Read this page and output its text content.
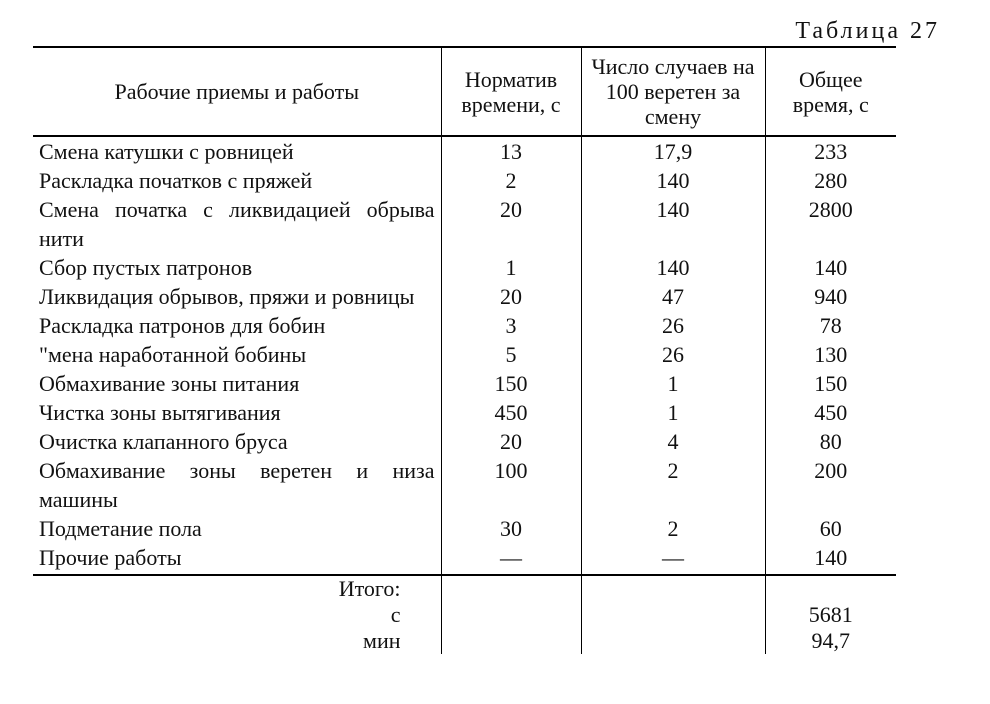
Таблица 27
Рабочие приемы и работы	Норматив времени, с	Число случаев на 100 веретен за смену	Общее время, с
Смена катушки с ровницей	13	17,9	233
Раскладка початков с пряжей	2	140	280
Смена початка с ликвидацией обрыва нити	20	140	2800
Сбор пустых патронов	1	140	140
Ликвидация обрывов, пряжи и ровницы	20	47	940
Раскладка патронов для бобин	3	26	78
"мена наработанной бобины	5	26	130
Обмахивание зоны питания	150	1	150
Чистка зоны вытягивания	450	1	450
Очистка клапанного бруса	20	4	80
Обмахивание зоны веретен и низа машины	100	2	200
Подметание пола	30	2	60
Прочие работы	—	—	140
Итого:			
с			5681
мин			94,7
